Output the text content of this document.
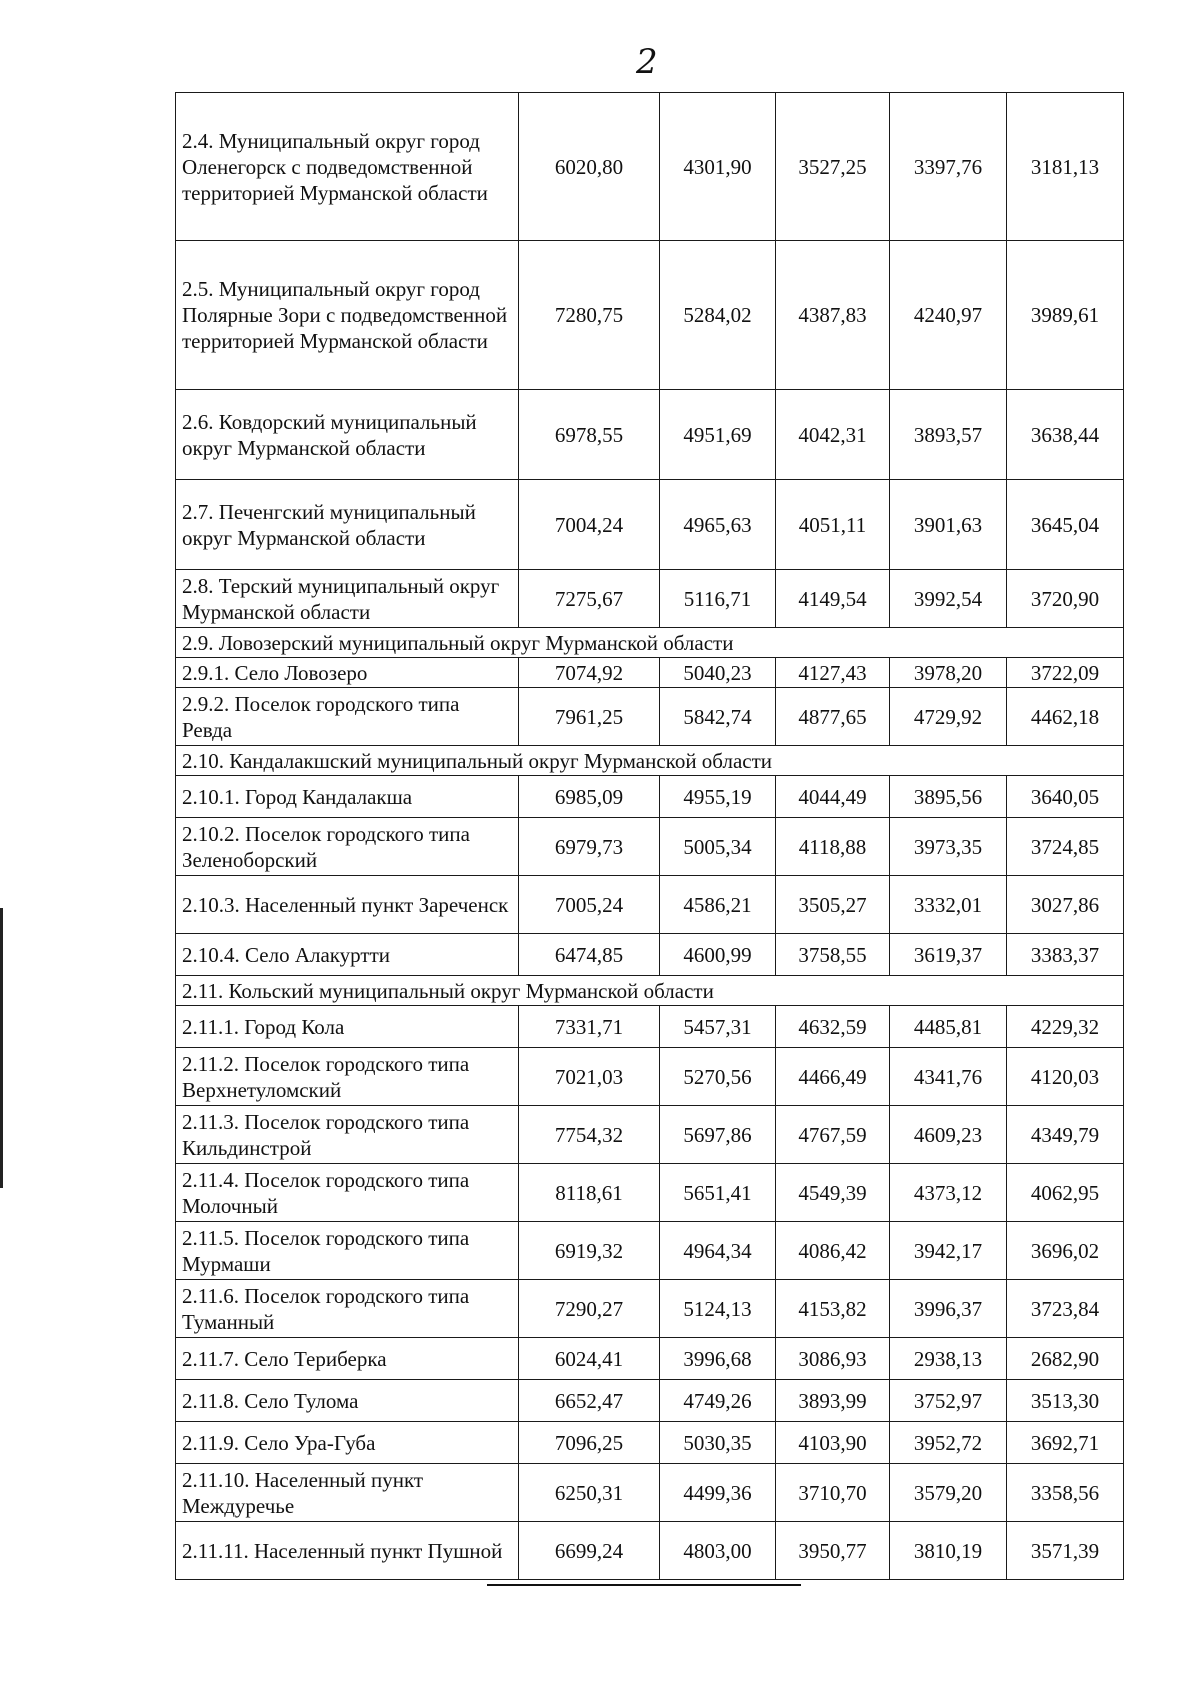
2
2.4. Муниципальный округ город Оленегорск с подведомственной территорией Мурманской области	6020,80	4301,90	3527,25	3397,76	3181,13
2.5. Муниципальный округ город Полярные Зори с подведомственной территорией Мурманской области	7280,75	5284,02	4387,83	4240,97	3989,61
2.6. Ковдорский муниципальный округ Мурманской области	6978,55	4951,69	4042,31	3893,57	3638,44
2.7. Печенгский муниципальный округ Мурманской области	7004,24	4965,63	4051,11	3901,63	3645,04
2.8. Терский муниципальный округ Мурманской области	7275,67	5116,71	4149,54	3992,54	3720,90
2.9. Ловозерский муниципальный округ Мурманской области					
2.9.1. Село Ловозеро	7074,92	5040,23	4127,43	3978,20	3722,09
2.9.2. Поселок городского типа Ревда	7961,25	5842,74	4877,65	4729,92	4462,18
2.10. Кандалакшский муниципальный округ Мурманской области					
2.10.1. Город Кандалакша	6985,09	4955,19	4044,49	3895,56	3640,05
2.10.2. Поселок городского типа Зеленоборский	6979,73	5005,34	4118,88	3973,35	3724,85
2.10.3. Населенный пункт Зареченск	7005,24	4586,21	3505,27	3332,01	3027,86
2.10.4. Село Алакуртти	6474,85	4600,99	3758,55	3619,37	3383,37
2.11. Кольский муниципальный округ Мурманской области					
2.11.1. Город Кола	7331,71	5457,31	4632,59	4485,81	4229,32
2.11.2. Поселок городского типа Верхнетуломский	7021,03	5270,56	4466,49	4341,76	4120,03
2.11.3. Поселок городского типа Кильдинстрой	7754,32	5697,86	4767,59	4609,23	4349,79
2.11.4. Поселок городского типа Молочный	8118,61	5651,41	4549,39	4373,12	4062,95
2.11.5. Поселок городского типа Мурмаши	6919,32	4964,34	4086,42	3942,17	3696,02
2.11.6. Поселок городского типа Туманный	7290,27	5124,13	4153,82	3996,37	3723,84
2.11.7. Село Териберка	6024,41	3996,68	3086,93	2938,13	2682,90
2.11.8. Село Тулома	6652,47	4749,26	3893,99	3752,97	3513,30
2.11.9. Село Ура-Губа	7096,25	5030,35	4103,90	3952,72	3692,71
2.11.10. Населенный пункт Междуречье	6250,31	4499,36	3710,70	3579,20	3358,56
2.11.11. Населенный пункт Пушной	6699,24	4803,00	3950,77	3810,19	3571,39
